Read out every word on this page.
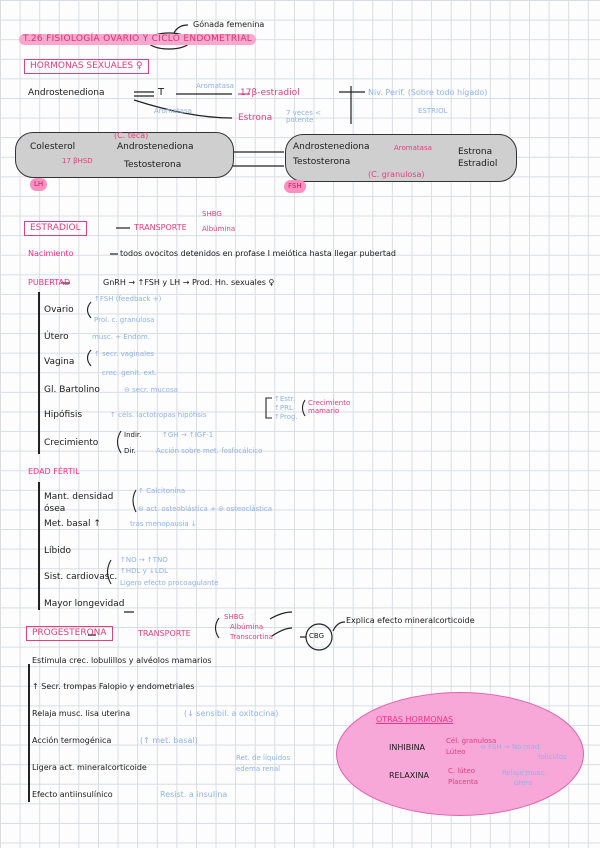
Gónada femenina
T.26 FISIOLOGÍA OVARIO Y CICLO ENDOMETRIAL
HORMONAS SEXUALES ♀
Androstenediona	T
Aromatasa
Aromatasa
17β-estradiol
Estrona 7 veces < potente
Niv. Perif. (Sobre todo hígado)
ESTRIOL
Colesterol
(C. teca)
Androstenediona
17 βHSD	Testosterona
LH
Androstenediona	Aromatasa
Testosterona
Estrona
Estradiol
(C. granulosa)
FSH
ESTRADIOL	TRANSPORTE
SHBG
Albúmina
Nacimiento	todos ovocitos detenidos en profase I meiótica hasta llegar pubertad
PUBERTAD	GnRH → ↑FSH y LH → Prod. Hn. sexuales ♀
Ovario
↑FSH (feedback +)
Prol. c. granulosa
Útero	musc. + Endom.
Vagina
↑ secr. vaginales
crec. genit. ext.
Gl. Bartolino	⊖ secr. mucosa
Hipófisis	↑ céls. lactotropas hipófisis
↑Estr.
↑PRL
↑Prog.
Crecimiento mamario
Crecimiento
Indir.	↑GH → ↑IGF-1
Dir.	Acción sobre met. fosfocálcico
EDAD FÉRTIL
Mant. densidad ósea
↑ Calcitonina
⊖ act. osteoblástica + ⊖ osteoclástica
Met. basal ↑	tras menopausia ↓
Líbido
Sist. cardiovasc.
↑NO → ↑TNO
↑HDL y ↓LDL
Ligero efecto procoagulante
Mayor longevidad
PROGESTERONA	TRANSPORTE
SHBG
Albúmina
Transcortina	CBG
Explica efecto mineralcorticoide
Estimula crec. lobulillos y alvéolos mamarios
↑ Secr. trompas Falopio y endometriales
Relaja musc. lisa uterina	(↓ sensibil. a oxitocina)
Acción termogénica	(↑ met. basal)
Ligera act. mineralcorticoide
Ret. de líquidos
edema renal
Efecto antiinsulínico	Resist. a insulina
OTRAS HORMONAS
INHIBINA
Cél. granulosa
Lúteo
⊖ FSH → No mad.
folículos
RELAXINA	C. lúteo
Placenta
Relaja musc.
útero
